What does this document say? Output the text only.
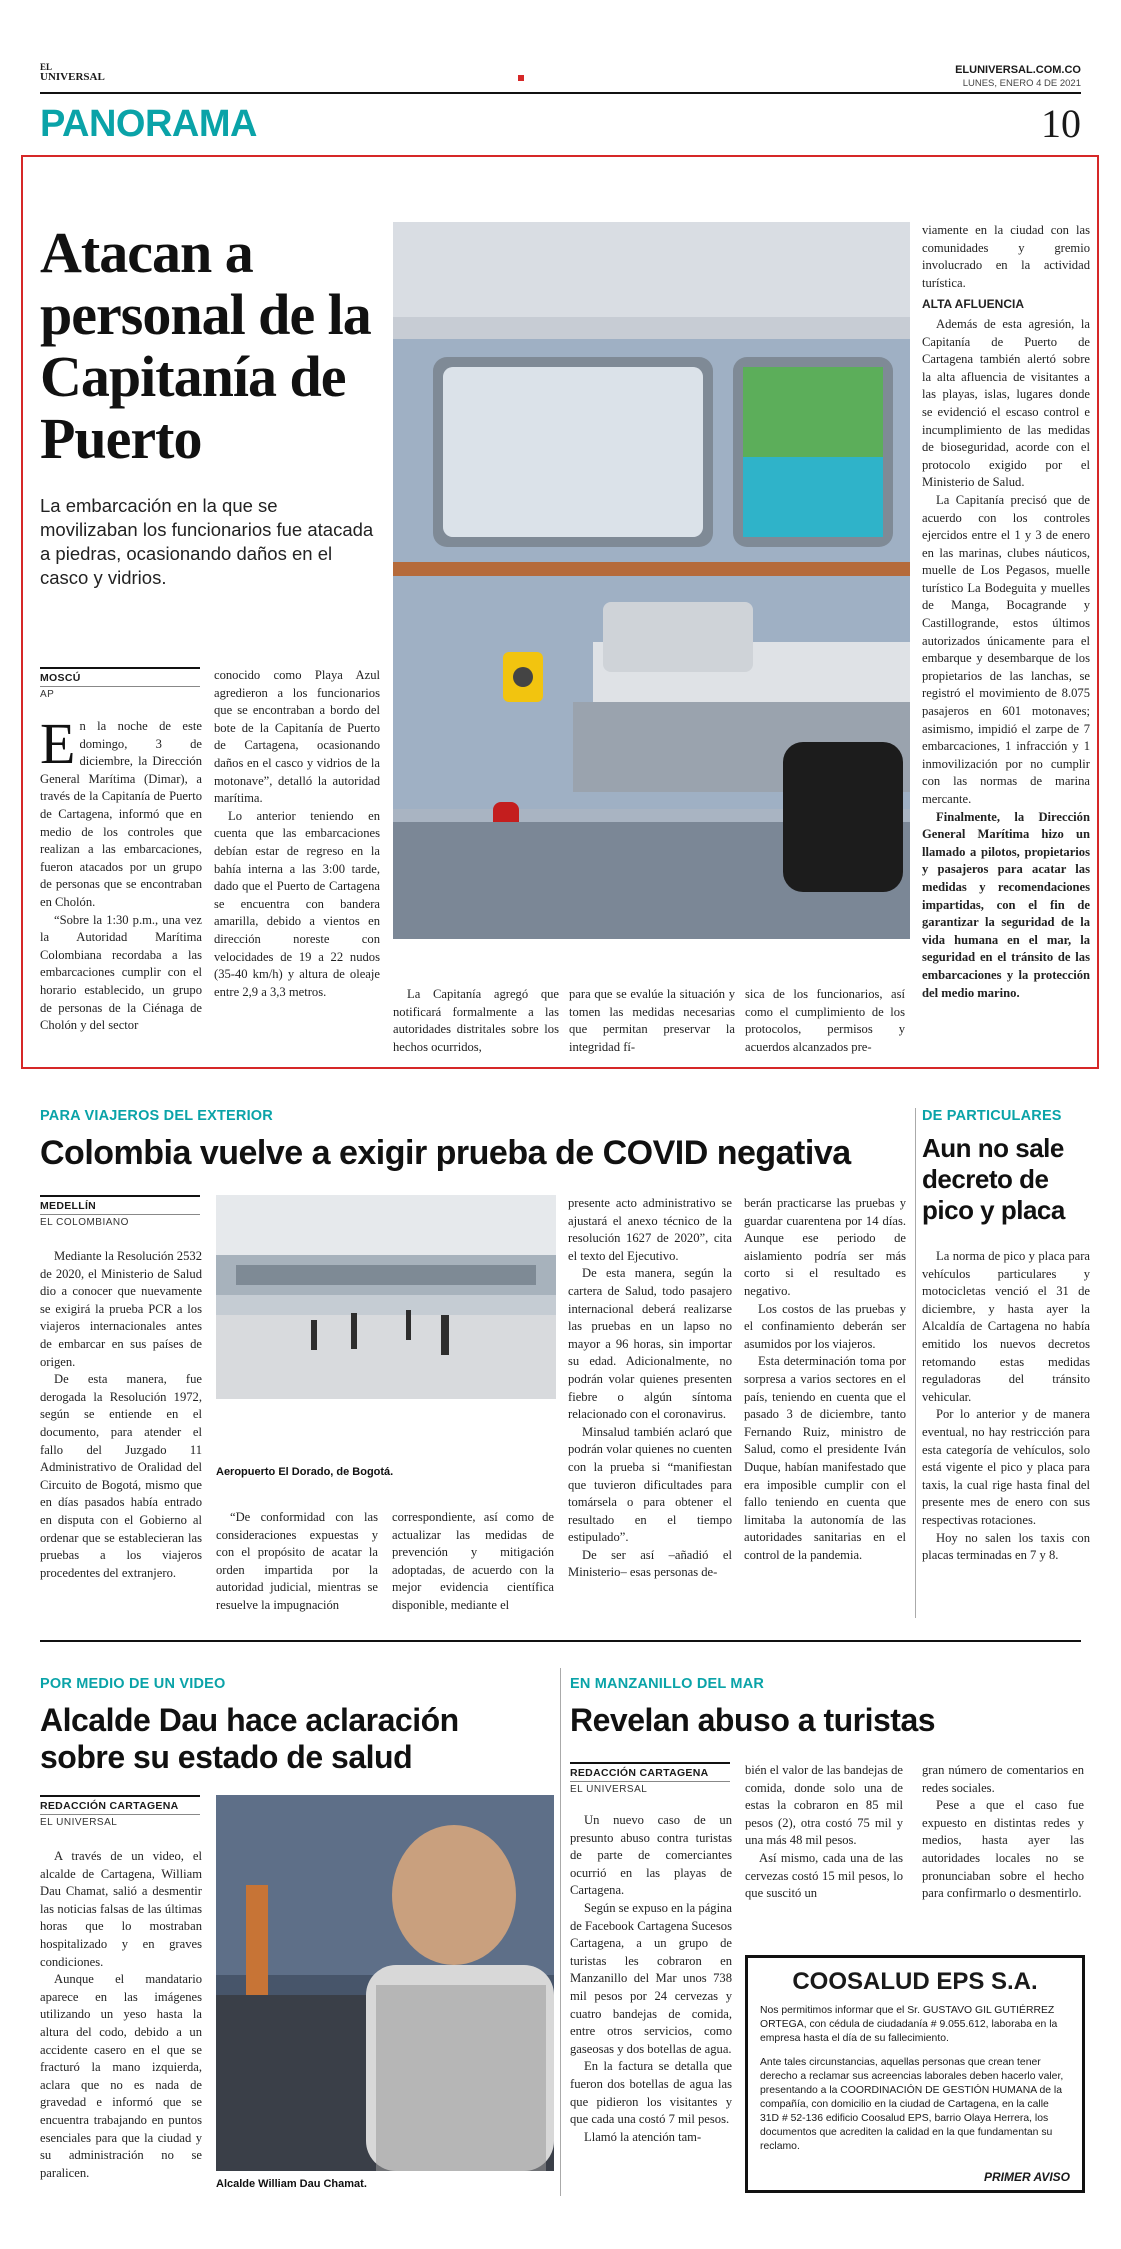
EL
UNIVERSAL
ELUNIVERSAL.COM.CO
LUNES, ENERO 4 DE 2021
PANORAMA	10
Atacan a personal de la Capitanía de Puerto
La embarcación en la que se movilizaban los funcionarios fue atacada a piedras, ocasionando daños en el casco y vidrios.
MOSCÚ
AP
E n la noche de este domingo, 3 de diciembre, la Dirección General Marítima (Dimar), a través de la Capitanía de Puerto de Cartagena, informó que en medio de los controles que realizan a las embarcaciones, fueron atacados por un grupo de personas que se encontraban en Cholón.

“Sobre la 1:30 p.m., una vez la Autoridad Marítima Colombiana recordaba a las embarcaciones cumplir con el horario establecido, un grupo de personas de la Ciénaga de Cholón y del sector

conocido como Playa Azul agredieron a los funcionarios que se encontraban a bordo del bote de la Capitanía de Puerto de Cartagena, ocasionando daños en el casco y vidrios de la motonave”, detalló la autoridad marítima.

Lo anterior teniendo en cuenta que las embarcaciones debían estar de regreso en la bahía interna a las 3:00 tarde, dado que el Puerto de Cartagena se encuentra con bandera amarilla, debido a vientos en dirección noreste con velocidades de 19 a 22 nudos (35-40 km/h) y altura de oleaje entre 2,9 a 3,3 metros.	La Capitanía agregó que notificará formalmente a las autoridades distritales sobre los hechos ocurridos,

para que se evalúe la situación y tomen las medidas necesarias que permitan preservar la integridad fí-

sica de los funcionarios, así como el cumplimiento de los protocolos, permisos y acuerdos alcanzados pre-

viamente en la ciudad con las comunidades y gremio involucrado en la actividad turística.

ALTA AFLUENCIA

Además de esta agresión, la Capitanía de Puerto de Cartagena también alertó sobre la alta afluencia de visitantes a las playas, islas, lugares donde se evidenció el escaso control e incumplimiento de las medidas de bioseguridad, acorde con el protocolo exigido por el Ministerio de Salud.

La Capitanía precisó que de acuerdo con los controles ejercidos entre el 1 y 3 de enero en las marinas, clubes náuticos, muelle de Los Pegasos, muelle turístico La Bodeguita y muelles de Manga, Bocagrande y Castillogrande, estos últimos autorizados únicamente para el embarque y desembarque de los propietarios de las lanchas, se registró el movimiento de 8.075 pasajeros en 601 motonaves; asimismo, impidió el zarpe de 7 embarcaciones, 1 infracción y 1 inmovilización por no cumplir con las normas de marina mercante.

Finalmente, la Dirección General Marítima hizo un llamado a pilotos, propietarios y pasajeros para acatar las medidas y recomendaciones impartidas, con el fin de garantizar la seguridad de la vida humana en el mar, la seguridad en el tránsito de las embarcaciones y la protección del medio marino.

PARA VIAJEROS DEL EXTERIOR
Colombia vuelve a exigir prueba de COVID negativa
MEDELLÍN
EL COLOMBIANO

Mediante la Resolución 2532 de 2020, el Ministerio de Salud dio a conocer que nuevamente se exigirá la prueba PCR a los viajeros internacionales antes de embarcar en sus países de origen.

De esta manera, fue derogada la Resolución 1972, según se entiende en el documento, para atender el fallo del Juzgado 11 Administrativo de Oralidad del Circuito de Bogotá, mismo que en días pasados había entrado en disputa con el Gobierno al ordenar que se establecieran las pruebas a los viajeros procedentes del extranjero.

Aeropuerto El Dorado, de Bogotá.

“De conformidad con las consideraciones expuestas y con el propósito de acatar la orden impartida por la autoridad judicial, mientras se resuelve la impugnación

correspondiente, así como de actualizar las medidas de prevención y mitigación adoptadas, de acuerdo con la mejor evidencia científica disponible, mediante el

presente acto administrativo se ajustará el anexo técnico de la resolución 1627 de 2020”, cita el texto del Ejecutivo.

De esta manera, según la cartera de Salud, todo pasajero internacional deberá realizarse las pruebas en un lapso no mayor a 96 horas, sin importar su edad. Adicionalmente, no podrán volar quienes presenten fiebre o algún síntoma relacionado con el coronavirus.

Minsalud también aclaró que podrán volar quienes no cuenten con la prueba si “manifiestan que tuvieron dificultades para tomársela o para obtener el resultado en el tiempo estipulado”.

De ser así –añadió el Ministerio– esas personas de-

berán practicarse las pruebas y guardar cuarentena por 14 días. Aunque ese periodo de aislamiento podría ser más corto si el resultado es negativo.

Los costos de las pruebas y el confinamiento deberán ser asumidos por los viajeros.

Esta determinación toma por sorpresa a varios sectores en el país, teniendo en cuenta que el pasado 3 de diciembre, tanto Fernando Ruiz, ministro de Salud, como el presidente Iván Duque, habían manifestado que era imposible cumplir con el fallo teniendo en cuenta que limitaba la autonomía de las autoridades sanitarias en el control de la pandemia.

DE PARTICULARES
Aun no sale decreto de pico y placa

La norma de pico y placa para vehículos particulares y motocicletas venció el 31 de diciembre, y hasta ayer la Alcaldía de Cartagena no había emitido los nuevos decretos retomando estas medidas reguladoras del tránsito vehicular.

Por lo anterior y de manera eventual, no hay restricción para esta categoría de vehículos, solo está vigente el pico y placa para taxis, la cual rige hasta final del presente mes de enero con sus respectivas rotaciones.

Hoy no salen los taxis con placas terminadas en 7 y 8.

POR MEDIO DE UN VIDEO
Alcalde Dau hace aclaración sobre su estado de salud
REDACCIÓN CARTAGENA
EL UNIVERSAL

A través de un video, el alcalde de Cartagena, William Dau Chamat, salió a desmentir las noticias falsas de las últimas horas que lo mostraban hospitalizado y en graves condiciones.

Aunque el mandatario aparece en las imágenes utilizando un yeso hasta la altura del codo, debido a un accidente casero en el que se fracturó la mano izquierda, aclara que no es nada de gravedad e informó que se encuentra trabajando en puntos esenciales para que la ciudad y su administración no se paralicen.

Alcalde William Dau Chamat.
EN MANZANILLO DEL MAR
Revelan abuso a turistas
REDACCIÓN CARTAGENA
EL UNIVERSAL

Un nuevo caso de un presunto abuso contra turistas de parte de comerciantes ocurrió en las playas de Cartagena.

Según se expuso en la página de Facebook Cartagena Sucesos Cartagena, a un grupo de turistas les cobraron en Manzanillo del Mar unos 738 mil pesos por 24 cervezas y cuatro bandejas de comida, entre otros servicios, como gaseosas y dos botellas de agua.

En la factura se detalla que fueron dos botellas de agua las que pidieron los visitantes y que cada una costó 7 mil pesos.

Llamó la atención tam-

bién el valor de las bandejas de comida, donde solo una de estas la cobraron en 85 mil pesos (2), otra costó 75 mil y una más 48 mil pesos.

Así mismo, cada una de las cervezas costó 15 mil pesos, lo que suscitó un

gran número de comentarios en redes sociales.

Pese a que el caso fue expuesto en distintas redes y medios, hasta ayer las autoridades locales no se pronunciaban sobre el hecho para confirmarlo o desmentirlo.

COOSALUD EPS S.A.
Nos permitimos informar que el Sr. GUSTAVO GIL GUTIÉRREZ ORTEGA, con cédula de ciudadanía # 9.055.612, laboraba en la empresa hasta el día de su fallecimiento.
Ante tales circunstancias, aquellas personas que crean tener derecho a reclamar sus acreencias laborales deben hacerlo valer, presentando a la COORDINACIÓN DE GESTIÓN HUMANA de la compañía, con domicilio en la ciudad de Cartagena, en la calle 31D # 52-136 edificio Coosalud EPS, barrio Olaya Herrera, los documentos que acrediten la calidad en la que fundamentan su reclamo.
PRIMER AVISO
